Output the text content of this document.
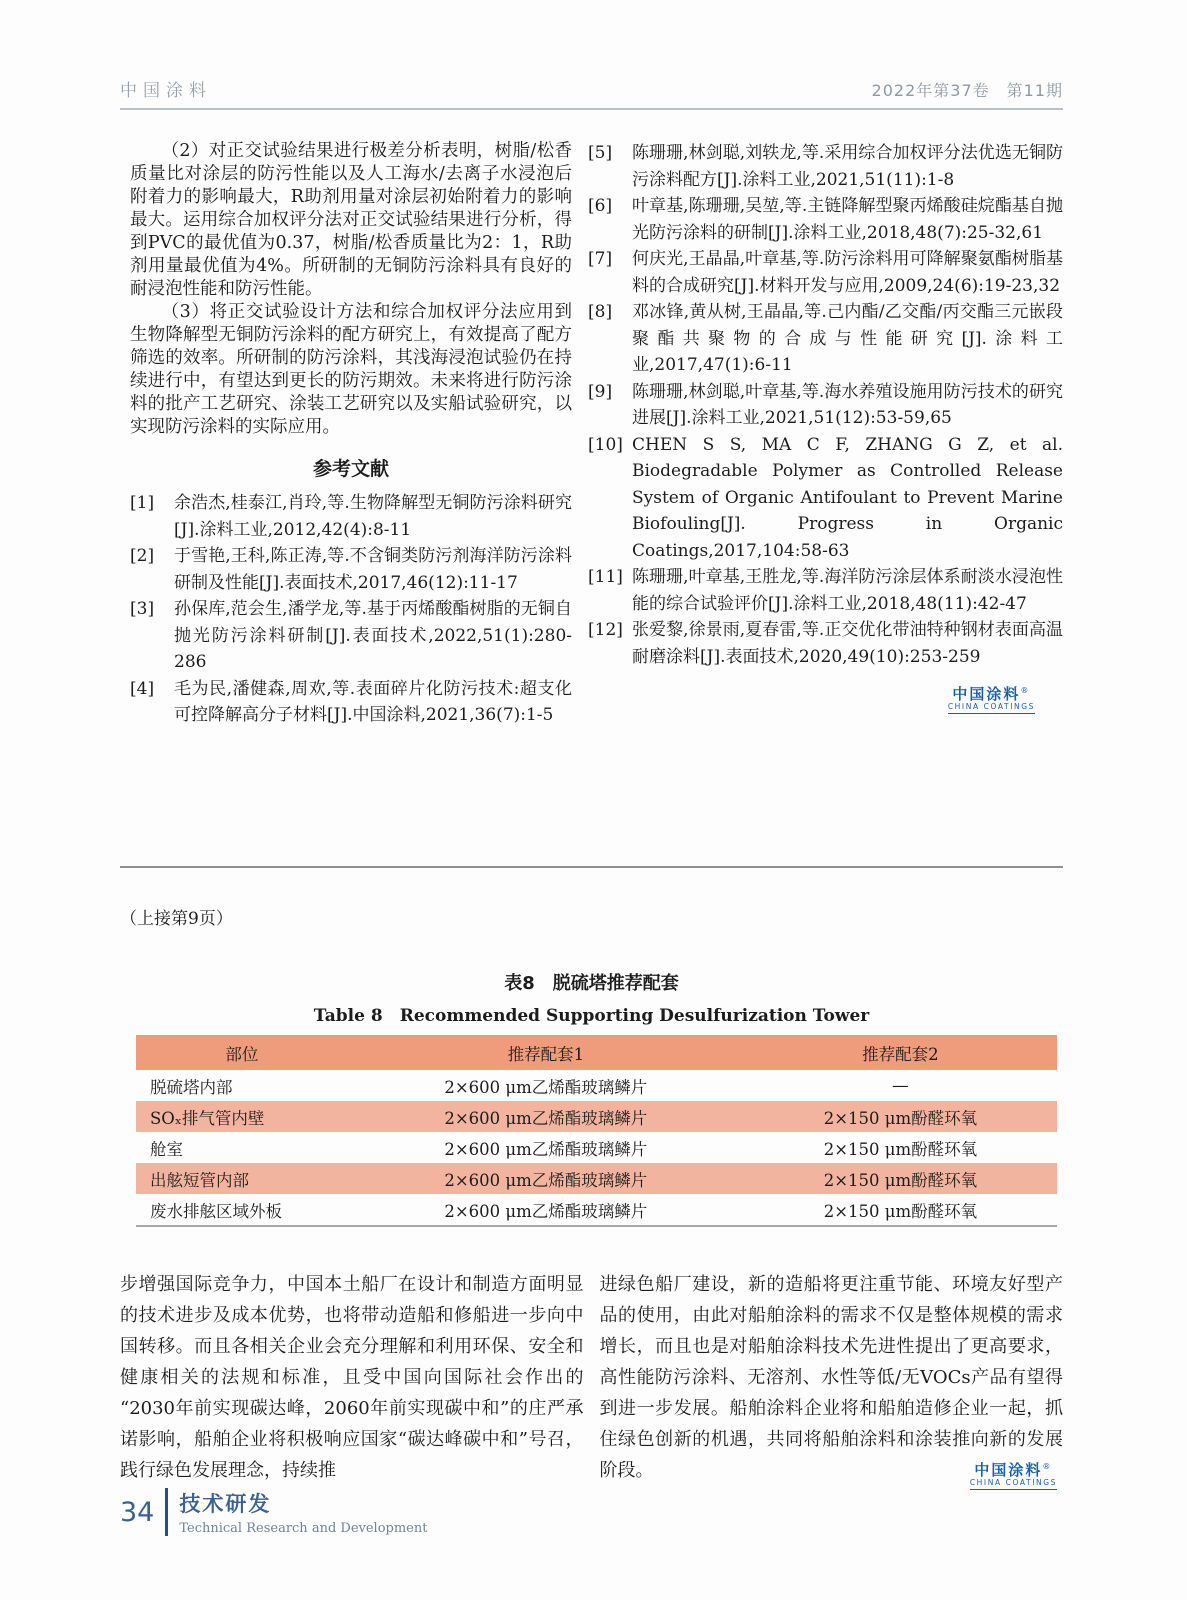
中国涂料	2022年第37卷　第11期

（2）对正交试验结果进行极差分析表明，树脂/松香质量比对涂层的防污性能以及人工海水/去离子水浸泡后附着力的影响最大，R助剂用量对涂层初始附着力的影响最大。运用综合加权评分法对正交试验结果进行分析，得到PVC的最优值为0.37，树脂/松香质量比为2：1，R助剂用量最优值为4%。所研制的无铜防污涂料具有良好的耐浸泡性能和防污性能。

（3）将正交试验设计方法和综合加权评分法应用到生物降解型无铜防污涂料的配方研究上，有效提高了配方筛选的效率。所研制的防污涂料，其浅海浸泡试验仍在持续进行中，有望达到更长的防污期效。未来将进行防污涂料的批产工艺研究、涂装工艺研究以及实船试验研究，以实现防污涂料的实际应用。

参考文献
[1] 余浩杰,桂泰江,肖玲,等.生物降解型无铜防污涂料研究[J].涂料工业,2012,42(4):8-11
[2] 于雪艳,王科,陈正涛,等.不含铜类防污剂海洋防污涂料研制及性能[J].表面技术,2017,46(12):11-17
[3] 孙保库,范会生,潘学龙,等.基于丙烯酸酯树脂的无铜自抛光防污涂料研制[J].表面技术,2022,51(1):280-286
[4] 毛为民,潘健森,周欢,等.表面碎片化防污技术:超支化可控降解高分子材料[J].中国涂料,2021,36(7):1-5
[5] 陈珊珊,林剑聪,刘轶龙,等.采用综合加权评分法优选无铜防污涂料配方[J].涂料工业,2021,51(11):1-8
[6] 叶章基,陈珊珊,吴堃,等.主链降解型聚丙烯酸硅烷酯基自抛光防污涂料的研制[J].涂料工业,2018,48(7):25-32,61
[7] 何庆光,王晶晶,叶章基,等.防污涂料用可降解聚氨酯树脂基料的合成研究[J].材料开发与应用,2009,24(6):19-23,32
[8] 邓冰锋,黄从树,王晶晶,等.己内酯/乙交酯/丙交酯三元嵌段聚酯共聚物的合成与性能研究[J].涂料工业,2017,47(1):6-11
[9] 陈珊珊,林剑聪,叶章基,等.海水养殖设施用防污技术的研究进展[J].涂料工业,2021,51(12):53-59,65
[10] CHEN S S, MA C F, ZHANG G Z, et al. Biodegradable Polymer as Controlled Release System of Organic Antifoulant to Prevent Marine Biofouling[J]. Progress in Organic Coatings,2017,104:58-63
[11] 陈珊珊,叶章基,王胜龙,等.海洋防污涂层体系耐淡水浸泡性能的综合试验评价[J].涂料工业,2018,48(11):42-47
[12] 张爱黎,徐景雨,夏春雷,等.正交优化带油特种钢材表面高温耐磨涂料[J].表面技术,2020,49(10):253-259
中国涂料®
CHINA COATINGS
（上接第9页）
表8　脱硫塔推荐配套
Table 8　Recommended Supporting Desulfurization Tower
部位	推荐配套1	推荐配套2
脱硫塔内部	2×600 μm乙烯酯玻璃鳞片	—
SOₓ排气管内壁	2×600 μm乙烯酯玻璃鳞片	2×150 μm酚醛环氧
舱室	2×600 μm乙烯酯玻璃鳞片	2×150 μm酚醛环氧
出舷短管内部	2×600 μm乙烯酯玻璃鳞片	2×150 μm酚醛环氧
废水排舷区域外板	2×600 μm乙烯酯玻璃鳞片	2×150 μm酚醛环氧

步增强国际竞争力，中国本土船厂在设计和制造方面明显的技术进步及成本优势，也将带动造船和修船进一步向中国转移。而且各相关企业会充分理解和利用环保、安全和健康相关的法规和标准，且受中国向国际社会作出的“2030年前实现碳达峰，2060年前实现碳中和”的庄严承诺影响，船舶企业将积极响应国家“碳达峰碳中和”号召，践行绿色发展理念，持续推

进绿色船厂建设，新的造船将更注重节能、环境友好型产品的使用，由此对船舶涂料的需求不仅是整体规模的需求增长，而且也是对船舶涂料技术先进性提出了更高要求，高性能防污涂料、无溶剂、水性等低/无VOCs产品有望得到进一步发展。船舶涂料企业将和船舶造修企业一起，抓住绿色创新的机遇，共同将船舶涂料和涂装推向新的发展阶段。	中国涂料®
CHINA COATINGS
34 技术研发
Technical Research and Development
